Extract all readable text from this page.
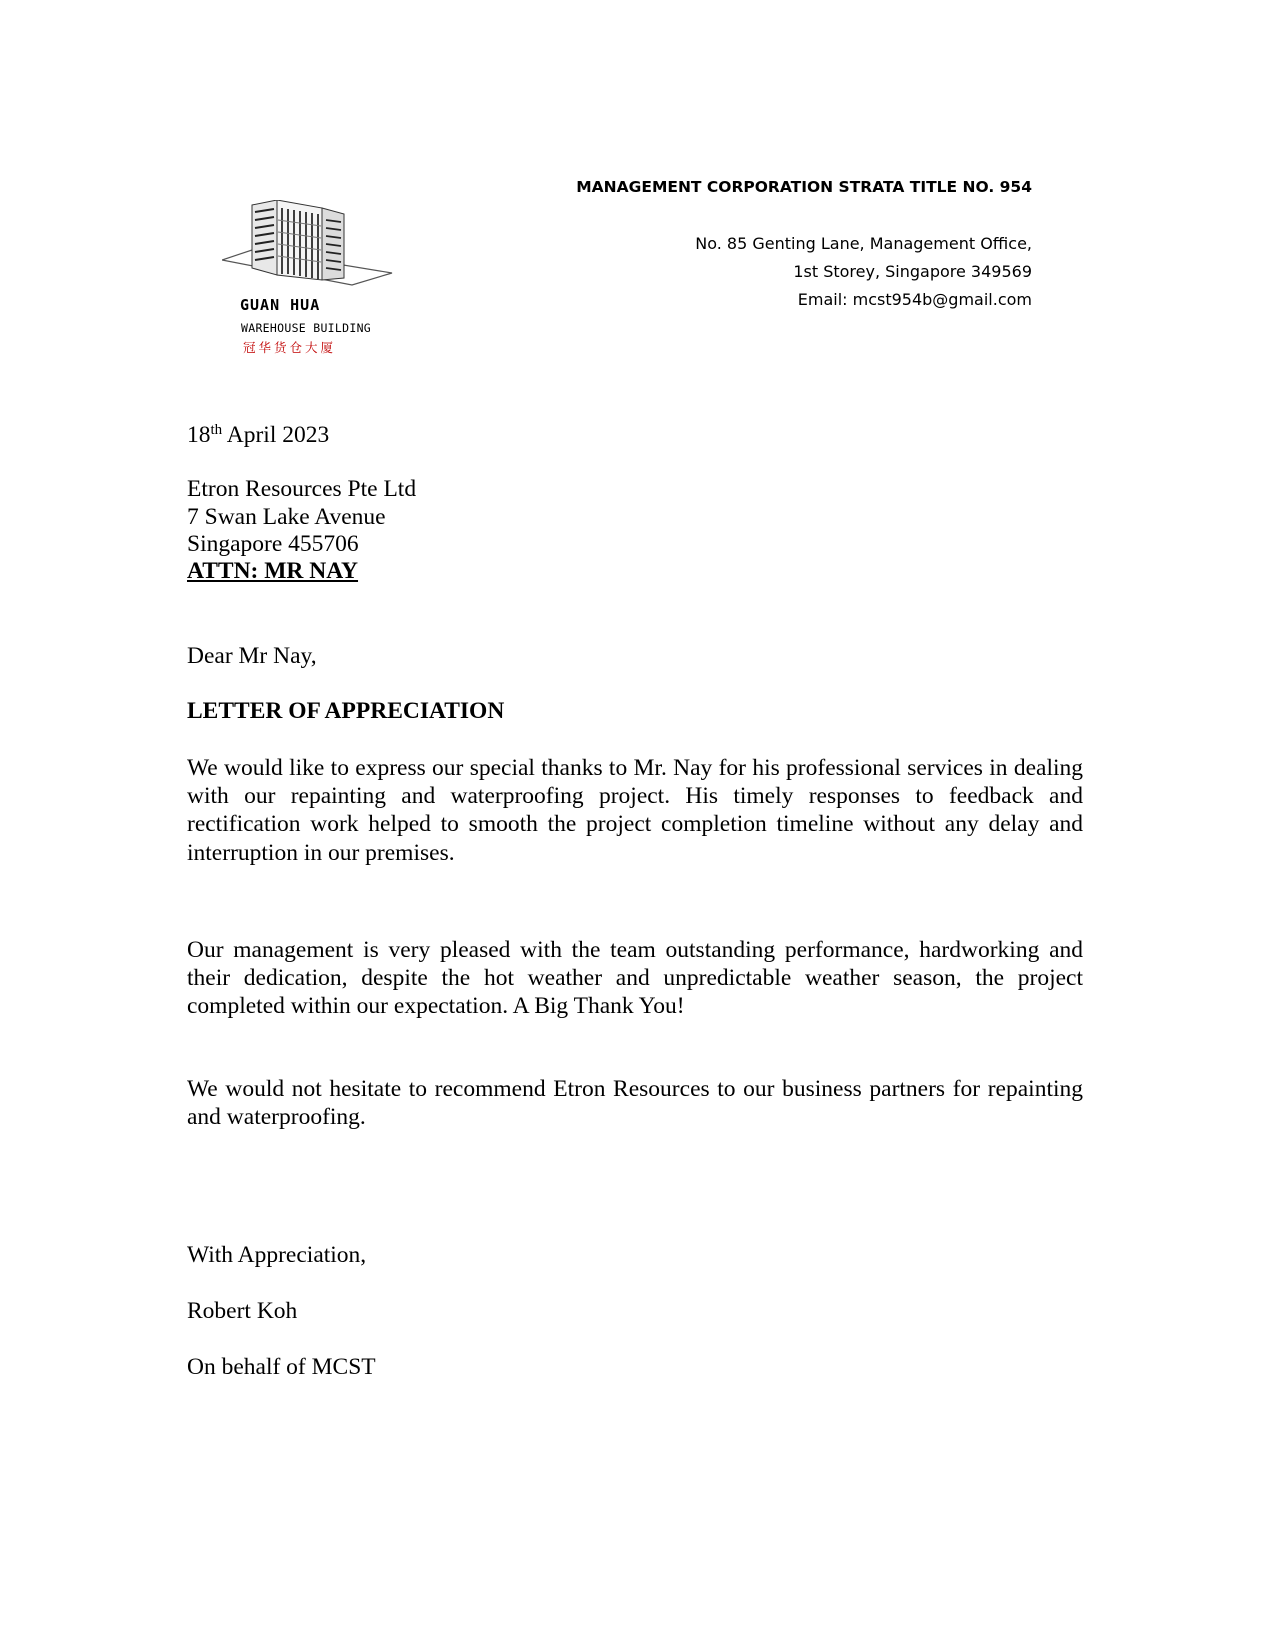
GUAN HUA
WAREHOUSE BUILDING
冠华货仓大厦
MANAGEMENT CORPORATION STRATA TITLE NO. 954
No. 85 Genting Lane, Management Office,
1st Storey, Singapore 349569
Email: mcst954b@gmail.com
18th April 2023
Etron Resources Pte Ltd
7 Swan Lake Avenue
Singapore 455706
ATTN: MR NAY
Dear Mr Nay,
LETTER OF APPRECIATION
We would like to express our special thanks to Mr. Nay for his professional services in dealing with our repainting and waterproofing project. His timely responses to feedback and rectification work helped to smooth the project completion timeline without any delay and interruption in our premises.
Our management is very pleased with the team outstanding performance, hardworking and their dedication, despite the hot weather and unpredictable weather season, the project completed within our expectation. A Big Thank You!
We would not hesitate to recommend Etron Resources to our business partners for repainting and waterproofing.
With Appreciation,
Robert Koh
On behalf of MCST
